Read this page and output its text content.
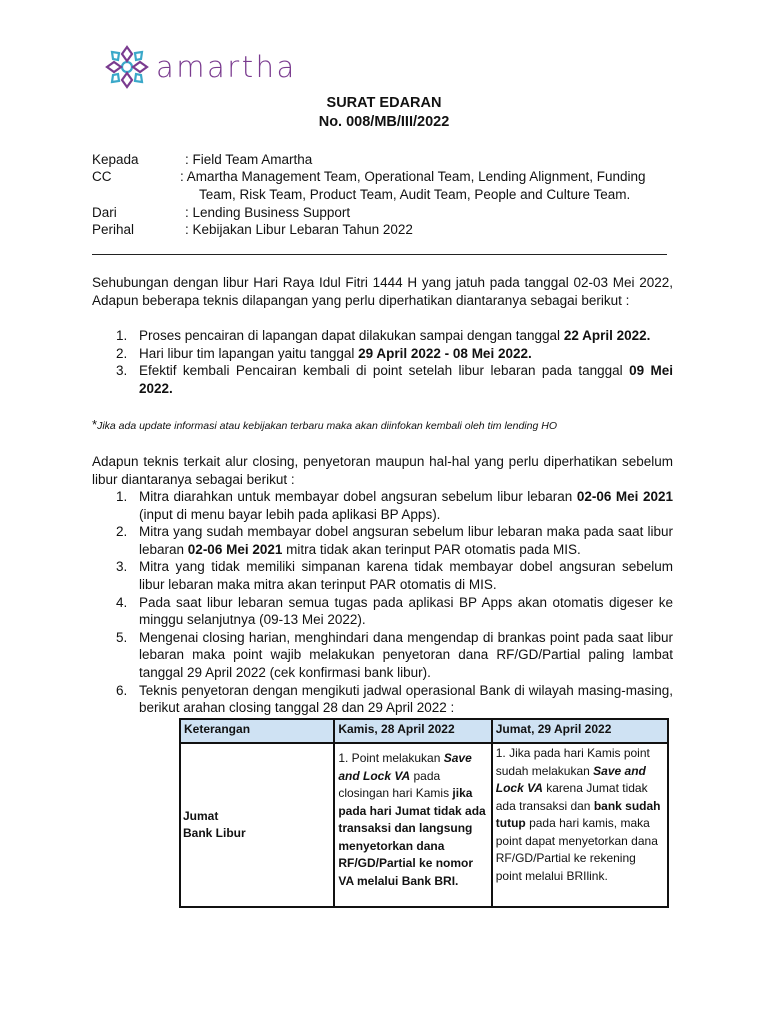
amartha
SURAT EDARAN
No. 008/MB/III/2022
Kepada	: Field Team Amartha
CC	: Amartha Management Team, Operational Team, Lending Alignment, Funding
Team, Risk Team, Product Team, Audit Team, People and Culture Team.
Dari	: Lending Business Support
Perihal	: Kebijakan Libur Lebaran Tahun 2022
Sehubungan dengan libur Hari Raya Idul Fitri 1444 H yang jatuh pada tanggal 02-03 Mei 2022, Adapun beberapa teknis dilapangan yang perlu diperhatikan diantaranya sebagai berikut :
1. Proses pencairan di lapangan dapat dilakukan sampai dengan tanggal 22 April 2022.
2. Hari libur tim lapangan yaitu tanggal 29 April 2022 - 08 Mei 2022.
3. Efektif kembali Pencairan kembali di point setelah libur lebaran pada tanggal 09 Mei 2022.
*Jika ada update informasi atau kebijakan terbaru maka akan diinfokan kembali oleh tim lending HO
Adapun teknis terkait alur closing, penyetoran maupun hal-hal yang perlu diperhatikan sebelum libur diantaranya sebagai berikut :
1. Mitra diarahkan untuk membayar dobel angsuran sebelum libur lebaran 02-06 Mei 2021 (input di menu bayar lebih pada aplikasi BP Apps).
2. Mitra yang sudah membayar dobel angsuran sebelum libur lebaran maka pada saat libur lebaran 02-06 Mei 2021 mitra tidak akan terinput PAR otomatis pada MIS.
3. Mitra yang tidak memiliki simpanan karena tidak membayar dobel angsuran sebelum libur lebaran maka mitra akan terinput PAR otomatis di MIS.
4. Pada saat libur lebaran semua tugas pada aplikasi BP Apps akan otomatis digeser ke minggu selanjutnya (09-13 Mei 2022).
5. Mengenai closing harian, menghindari dana mengendap di brankas point pada saat libur lebaran maka point wajib melakukan penyetoran dana RF/GD/Partial paling lambat tanggal 29 April 2022 (cek konfirmasi bank libur).
6. Teknis penyetoran dengan mengikuti jadwal operasional Bank di wilayah masing-masing, berikut arahan closing tanggal 28 dan 29 April 2022 :
Keterangan	Kamis, 28 April 2022	Jumat, 29 April 2022

Jumat
Bank Libur	1. Point melakukan Save and Lock VA pada closingan hari Kamis jika pada hari Jumat tidak ada transaksi dan langsung menyetorkan dana RF/GD/Partial ke nomor VA melalui Bank BRI.	1. Jika pada hari Kamis point sudah melakukan Save and Lock VA karena Jumat tidak ada transaksi dan bank sudah tutup pada hari kamis, maka point dapat menyetorkan dana RF/GD/Partial ke rekening point melalui BRIlink.
